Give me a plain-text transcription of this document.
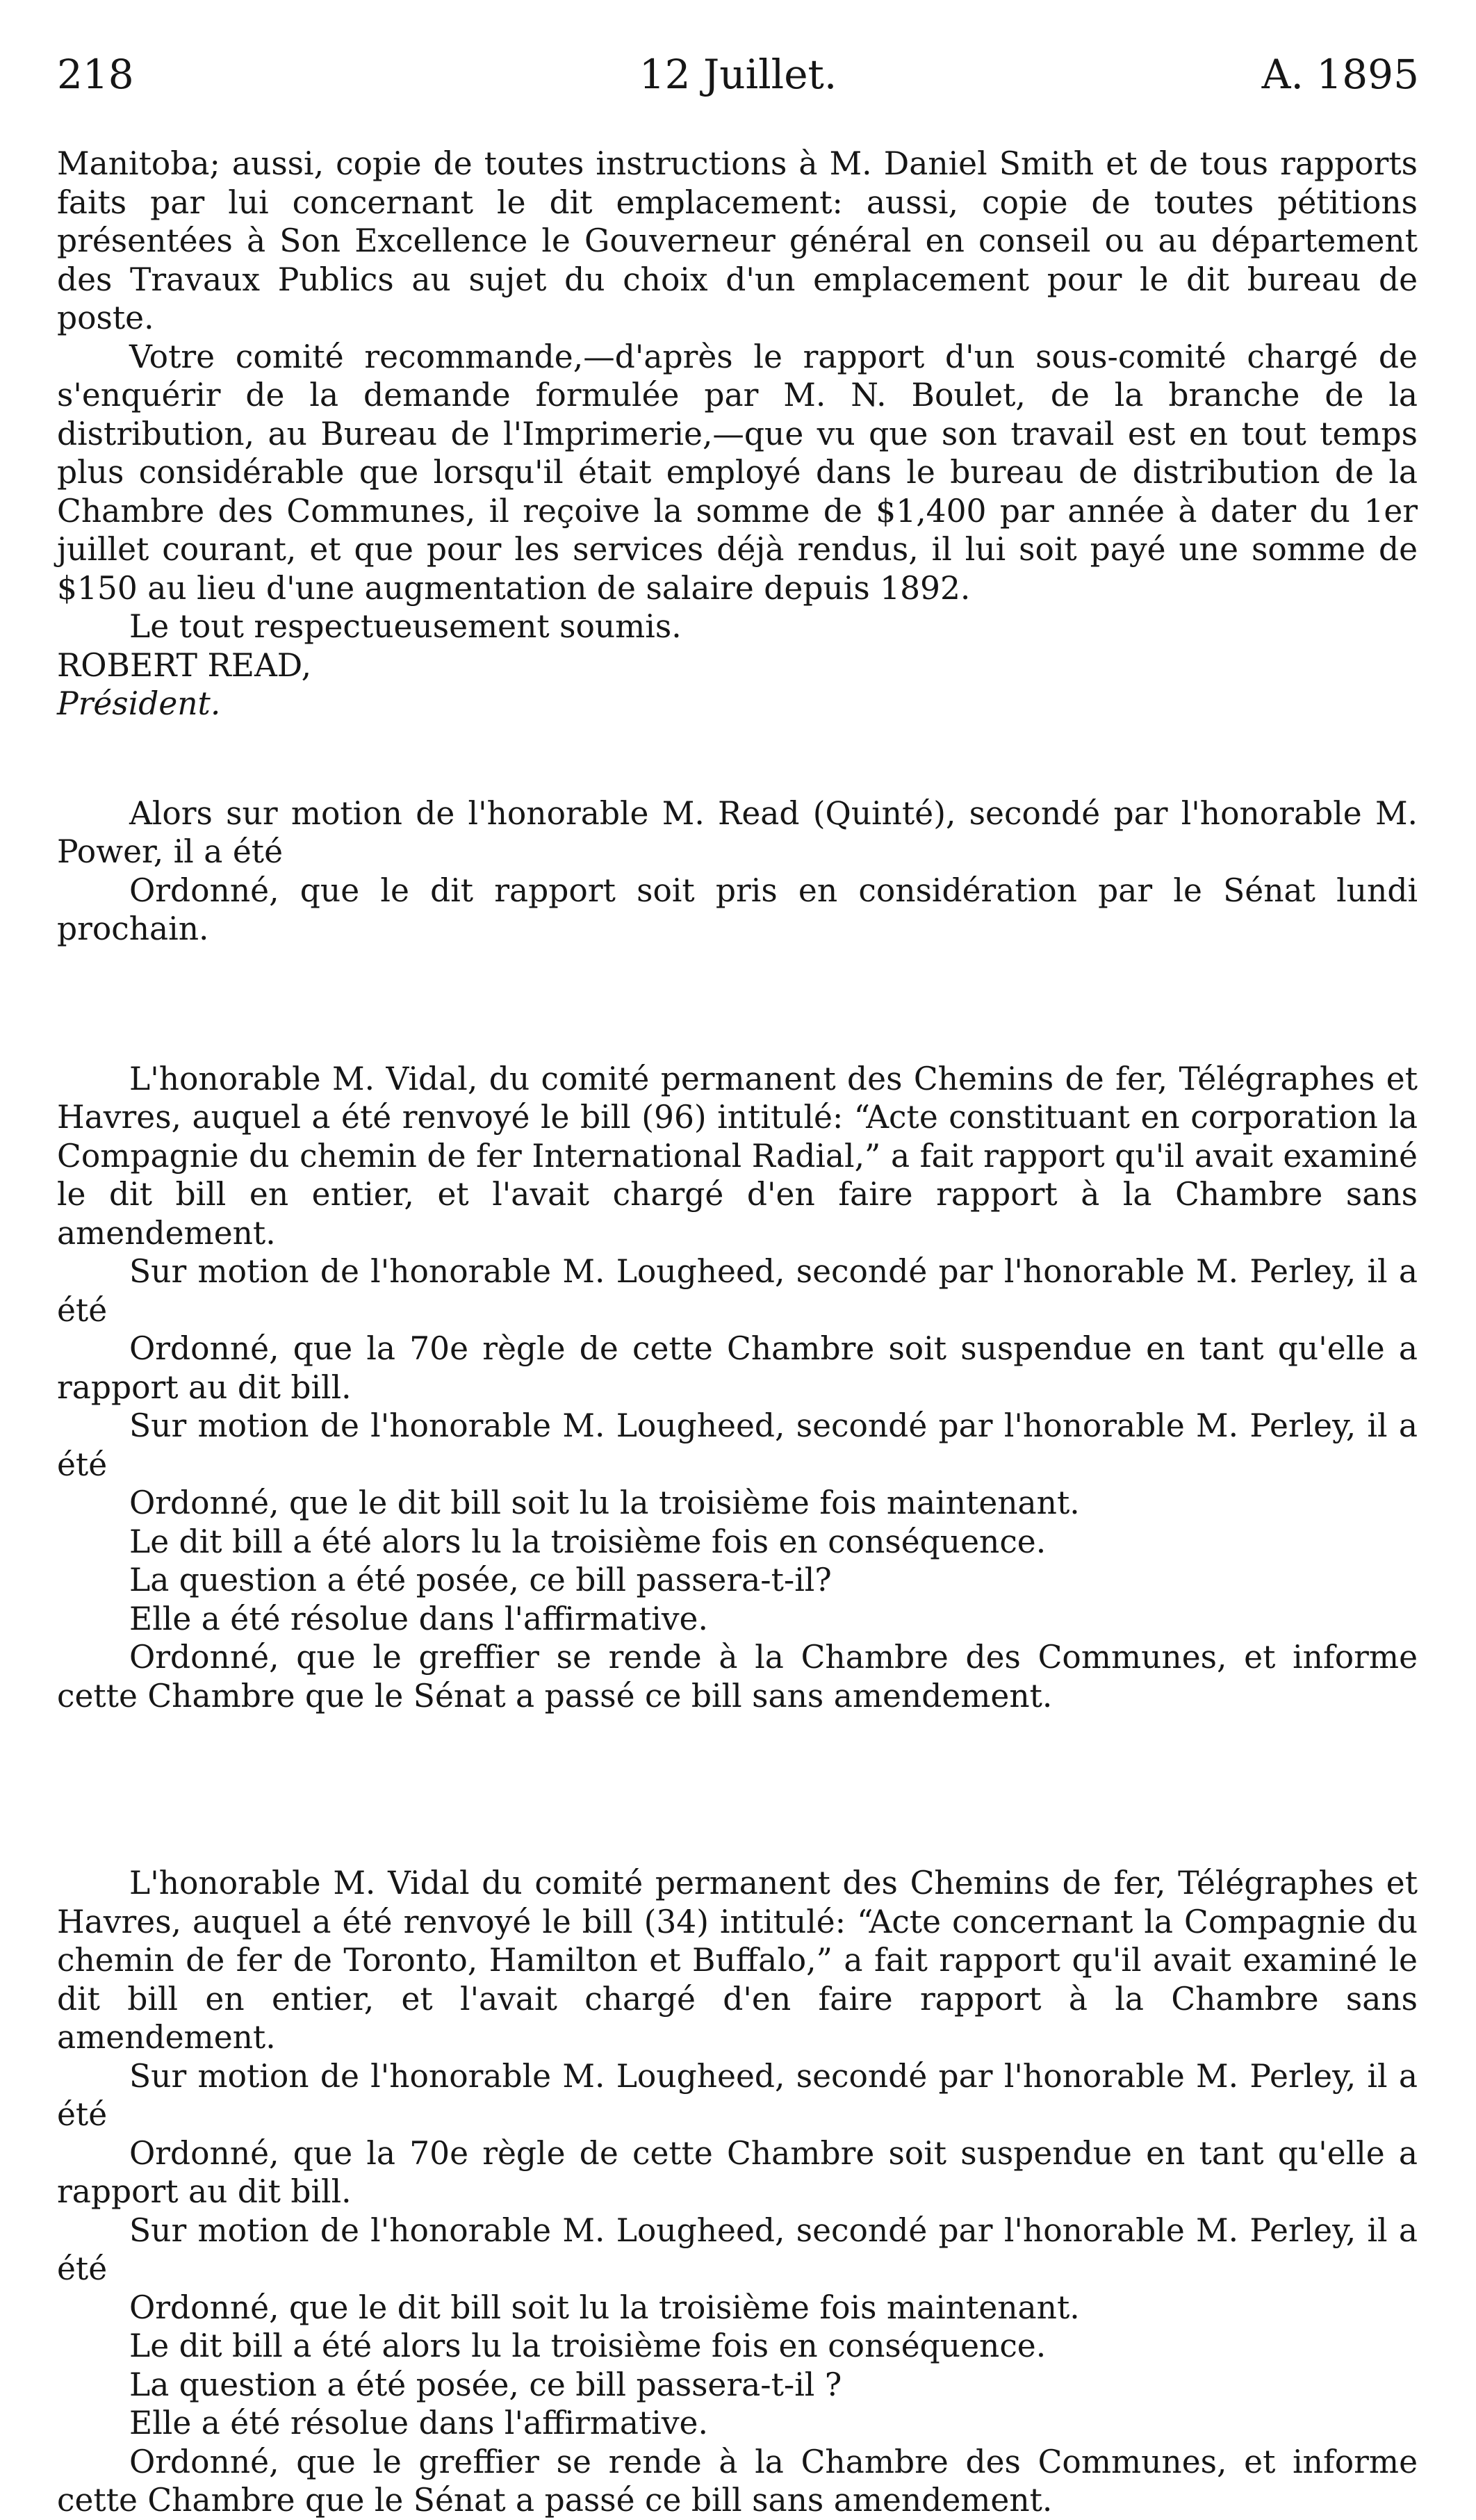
218	12 Juillet.	A. 1895

Manitoba; aussi, copie de toutes instructions à M. Daniel Smith et de tous rapports faits par lui concernant le dit emplacement: aussi, copie de toutes pétitions présentées à Son Excellence le Gouverneur général en conseil ou au département des Travaux Publics au sujet du choix d'un emplacement pour le dit bureau de poste.

Votre comité recommande,—d'après le rapport d'un sous-comité chargé de s'enquérir de la demande formulée par M. N. Boulet, de la branche de la distribution, au Bureau de l'Imprimerie,—que vu que son travail est en tout temps plus considérable que lorsqu'il était employé dans le bureau de distribution de la Chambre des Communes, il reçoive la somme de $1,400 par année à dater du 1er juillet courant, et que pour les services déjà rendus, il lui soit payé une somme de $150 au lieu d'une augmentation de salaire depuis 1892.

Le tout respectueusement soumis.

ROBERT READ,

Président.

Alors sur motion de l'honorable M. Read (Quinté), secondé par l'honorable M. Power, il a été

Ordonné, que le dit rapport soit pris en considération par le Sénat lundi prochain.

L'honorable M. Vidal, du comité permanent des Chemins de fer, Télégraphes et Havres, auquel a été renvoyé le bill (96) intitulé: “Acte constituant en corporation la Compagnie du chemin de fer International Radial,” a fait rapport qu'il avait examiné le dit bill en entier, et l'avait chargé d'en faire rapport à la Chambre sans amendement.

Sur motion de l'honorable M. Lougheed, secondé par l'honorable M. Perley, il a été

Ordonné, que la 70e règle de cette Chambre soit suspendue en tant qu'elle a rapport au dit bill.

Sur motion de l'honorable M. Lougheed, secondé par l'honorable M. Perley, il a été

Ordonné, que le dit bill soit lu la troisième fois maintenant.

Le dit bill a été alors lu la troisième fois en conséquence.

La question a été posée, ce bill passera-t-il?

Elle a été résolue dans l'affirmative.

Ordonné, que le greffier se rende à la Chambre des Communes, et informe cette Chambre que le Sénat a passé ce bill sans amendement.

L'honorable M. Vidal du comité permanent des Chemins de fer, Télégraphes et Havres, auquel a été renvoyé le bill (34) intitulé: “Acte concernant la Compagnie du chemin de fer de Toronto, Hamilton et Buffalo,” a fait rapport qu'il avait examiné le dit bill en entier, et l'avait chargé d'en faire rapport à la Chambre sans amendement.

Sur motion de l'honorable M. Lougheed, secondé par l'honorable M. Perley, il a été

Ordonné, que la 70e règle de cette Chambre soit suspendue en tant qu'elle a rapport au dit bill.

Sur motion de l'honorable M. Lougheed, secondé par l'honorable M. Perley, il a été

Ordonné, que le dit bill soit lu la troisième fois maintenant.

Le dit bill a été alors lu la troisième fois en conséquence.

La question a été posée, ce bill passera-t-il ?

Elle a été résolue dans l'affirmative.

Ordonné, que le greffier se rende à la Chambre des Communes, et informe cette Chambre que le Sénat a passé ce bill sans amendement.
